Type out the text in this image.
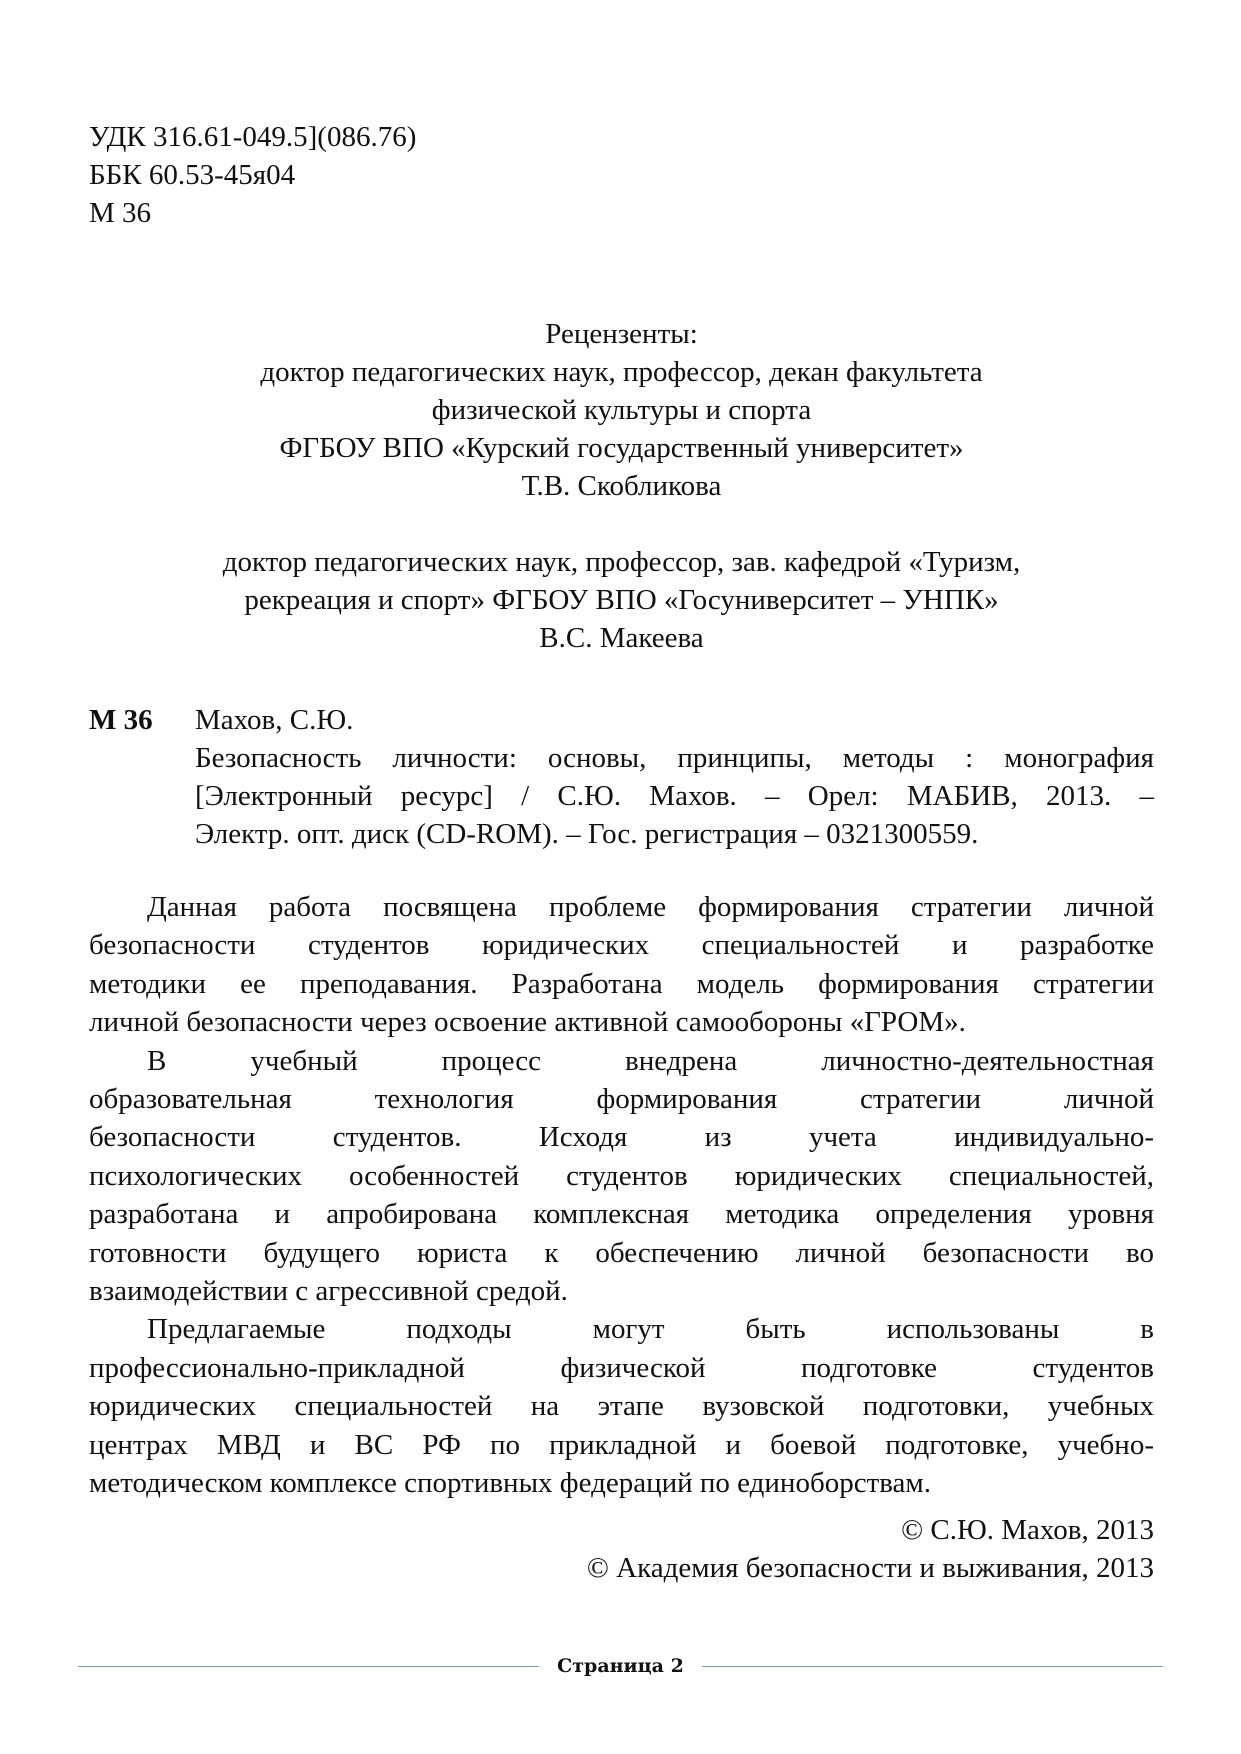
УДК 316.61-049.5](086.76)
ББК 60.53-45я04
М 36
Рецензенты:
доктор педагогических наук, профессор, декан факультета
физической культуры и спорта
ФГБОУ ВПО «Курский государственный университет»
Т.В. Скобликова
доктор педагогических наук, профессор, зав. кафедрой «Туризм,
рекреация и спорт» ФГБОУ ВПО «Госуниверситет – УНПК»
В.С. Макеева
М 36 Махов, С.Ю.
Безопасность личности: основы, принципы, методы : монография
[Электронный ресурс] / С.Ю. Махов. – Орел: МАБИВ, 2013. –
Электр. опт. диск (CD-ROM). – Гос. регистрация – 0321300559.
Данная работа посвящена проблеме формирования стратегии личной
безопасности студентов юридических специальностей и разработке
методики ее преподавания. Разработана модель формирования стратегии
личной безопасности через освоение активной самообороны «ГРОМ».
В учебный процесс внедрена личностно-деятельностная
образовательная технология формирования стратегии личной
безопасности студентов. Исходя из учета индивидуально-
психологических особенностей студентов юридических специальностей,
разработана и апробирована комплексная методика определения уровня
готовности будущего юриста к обеспечению личной безопасности во
взаимодействии с агрессивной средой.
Предлагаемые подходы могут быть использованы в
профессионально-прикладной физической подготовке студентов
юридических специальностей на этапе вузовской подготовки, учебных
центрах МВД и ВС РФ по прикладной и боевой подготовке, учебно-
методическом комплексе спортивных федераций по единоборствам.
© С.Ю. Махов, 2013
© Академия безопасности и выживания, 2013
Страница 2
